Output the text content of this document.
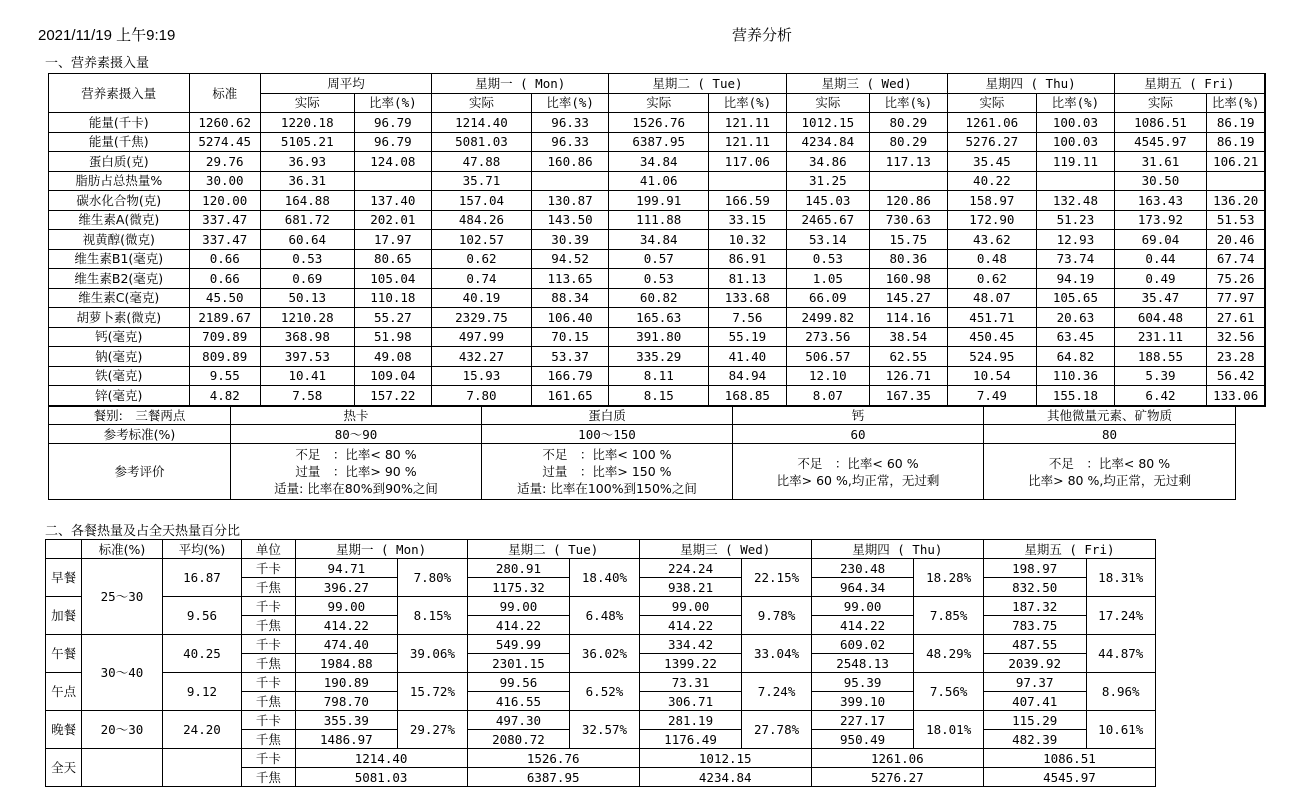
2021/11/19 上午9:19	营养分析
一、营养素摄入量
营养素摄入量	标准	周平均		星期一 ( Mon)		星期二 ( Tue)		星期三 ( Wed)		星期四 ( Thu)		星期五 ( Fri)	
		实际	比率(%)	实际	比率(%)	实际	比率(%)	实际	比率(%)	实际	比率(%)	实际	比率(%)
能量(千卡)	1260.62	1220.18	96.79	1214.40	96.33	1526.76	121.11	1012.15	80.29	1261.06	100.03	1086.51	86.19
能量(千焦)	5274.45	5105.21	96.79	5081.03	96.33	6387.95	121.11	4234.84	80.29	5276.27	100.03	4545.97	86.19
蛋白质(克)	29.76	36.93	124.08	47.88	160.86	34.84	117.06	34.86	117.13	35.45	119.11	31.61	106.21
脂肪占总热量%	30.00	36.31		35.71		41.06		31.25		40.22		30.50	
碳水化合物(克)	120.00	164.88	137.40	157.04	130.87	199.91	166.59	145.03	120.86	158.97	132.48	163.43	136.20
维生素A(微克)	337.47	681.72	202.01	484.26	143.50	111.88	33.15	2465.67	730.63	172.90	51.23	173.92	51.53
视黄醇(微克)	337.47	60.64	17.97	102.57	30.39	34.84	10.32	53.14	15.75	43.62	12.93	69.04	20.46
维生素B1(毫克)	0.66	0.53	80.65	0.62	94.52	0.57	86.91	0.53	80.36	0.48	73.74	0.44	67.74
维生素B2(毫克)	0.66	0.69	105.04	0.74	113.65	0.53	81.13	1.05	160.98	0.62	94.19	0.49	75.26
维生素C(毫克)	45.50	50.13	110.18	40.19	88.34	60.82	133.68	66.09	145.27	48.07	105.65	35.47	77.97
胡萝卜素(微克)	2189.67	1210.28	55.27	2329.75	106.40	165.63	7.56	2499.82	114.16	451.71	20.63	604.48	27.61
钙(毫克)	709.89	368.98	51.98	497.99	70.15	391.80	55.19	273.56	38.54	450.45	63.45	231.11	32.56
钠(毫克)	809.89	397.53	49.08	432.27	53.37	335.29	41.40	506.57	62.55	524.95	64.82	188.55	23.28
铁(毫克)	9.55	10.41	109.04	15.93	166.79	8.11	84.94	12.10	126.71	10.54	110.36	5.39	56.42
锌(毫克)	4.82	7.58	157.22	7.80	161.65	8.15	168.85	8.07	167.35	7.49	155.18	6.42	133.06
餐别:　三餐两点	热卡	蛋白质	钙	其他微量元素、矿物质
参考标准(%)	80～90	100～150	60	80
参考评价	不足　：比率< 80 %
过量　：比率> 90 %
适量: 比率在80%到90%之间	不足　：比率< 100 %
过量　：比率> 150 %
适量: 比率在100%到150%之间	不足　：比率< 60 %
比率> 60 %,均正常，无过剩	不足　：比率< 80 %
比率> 80 %,均正常，无过剩
二、各餐热量及占全天热量百分比
	标准(%)	平均(%)	单位	星期一 ( Mon)		星期二 ( Tue)		星期三 ( Wed)		星期四 ( Thu)		星期五 ( Fri)	
早餐	25～30	16.87	千卡	94.71	7.80%	280.91	18.40%	224.24	22.15%	230.48	18.28%	198.97	18.31%
			千焦	396.27		1175.32		938.21		964.34		832.50	
加餐		9.56	千卡	99.00	8.15%	99.00	6.48%	99.00	9.78%	99.00	7.85%	187.32	17.24%
			千焦	414.22		414.22		414.22		414.22		783.75	
午餐	30～40	40.25	千卡	474.40	39.06%	549.99	36.02%	334.42	33.04%	609.02	48.29%	487.55	44.87%
			千焦	1984.88		2301.15		1399.22		2548.13		2039.92	
午点		9.12	千卡	190.89	15.72%	99.56	6.52%	73.31	7.24%	95.39	7.56%	97.37	8.96%
			千焦	798.70		416.55		306.71		399.10		407.41	
晚餐	20～30	24.20	千卡	355.39	29.27%	497.30	32.57%	281.19	27.78%	227.17	18.01%	115.29	10.61%
			千焦	1486.97		2080.72		1176.49		950.49		482.39	
全天			千卡	1214.40		1526.76		1012.15		1261.06		1086.51	
			千焦	5081.03		6387.95		4234.84		5276.27		4545.97	
